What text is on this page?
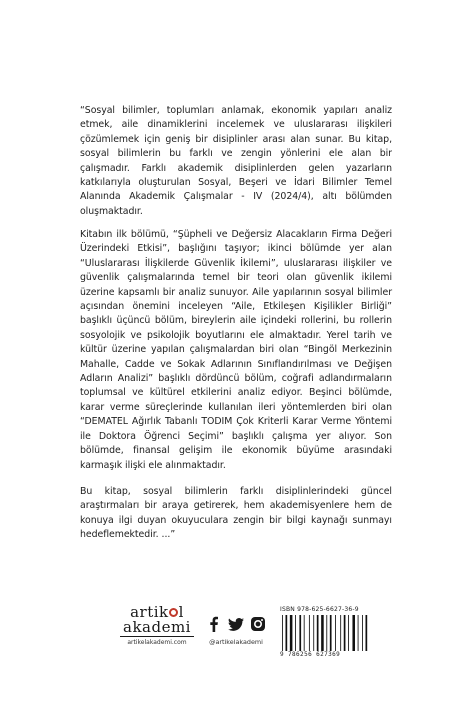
“Sosyal bilimler, toplumları anlamak, ekonomik yapıları analiz etmek, aile dinamiklerini incelemek ve uluslararası ilişkileri çözümlemek için geniş bir disiplinler arası alan sunar. Bu kitap, sosyal bilimlerin bu farklı ve zengin yönlerini ele alan bir çalışmadır. Farklı akademik disiplinlerden gelen yazarların katkılarıyla oluşturulan Sosyal, Beşeri ve İdari Bilimler Temel Alanında Akademik Çalışmalar - IV (2024/4), altı bölümden oluşmaktadır.
Kitabın ilk bölümü, “Şüpheli ve Değersiz Alacakların Firma Değeri Üzerindeki Etkisi”, başlığını taşıyor; ikinci bölümde yer alan “Uluslararası İlişkilerde Güvenlik İkilemi”, uluslararası ilişkiler ve güvenlik çalışmalarında temel bir teori olan güvenlik ikilemi üzerine kapsamlı bir analiz sunuyor. Aile yapılarının sosyal bilimler açısından önemini inceleyen “Aile, Etkileşen Kişilikler Birliği” başlıklı üçüncü bölüm, bireylerin aile içindeki rollerini, bu rollerin sosyolojik ve psikolojik boyutlarını ele almaktadır. Yerel tarih ve kültür üzerine yapılan çalışmalardan biri olan “Bingöl Merkezinin Mahalle, Cadde ve Sokak Adlarının Sınıflandırılması ve Değişen Adların Analizi” başlıklı dördüncü bölüm, coğrafi adlandırmaların toplumsal ve kültürel etkilerini analiz ediyor. Beşinci bölümde, karar verme süreçlerinde kullanılan ileri yöntemlerden biri olan “DEMATEL Ağırlık Tabanlı TODIM Çok Kriterli Karar Verme Yöntemi ile Doktora Öğrenci Seçimi” başlıklı çalışma yer alıyor. Son bölümde, finansal gelişim ile ekonomik büyüme arasındaki karmaşık ilişki ele alınmaktadır.
Bu kitap, sosyal bilimlerin farklı disiplinlerindeki güncel araştırmaları bir araya getirerek, hem akademisyenlere hem de konuya ilgi duyan okuyuculara zengin bir bilgi kaynağı sunmayı hedeflemektedir. ...”
artik l
akademi
artikelakademi.com	@artikelakademi
ISBN 978-625-6627-36-9
9 786256 627369
